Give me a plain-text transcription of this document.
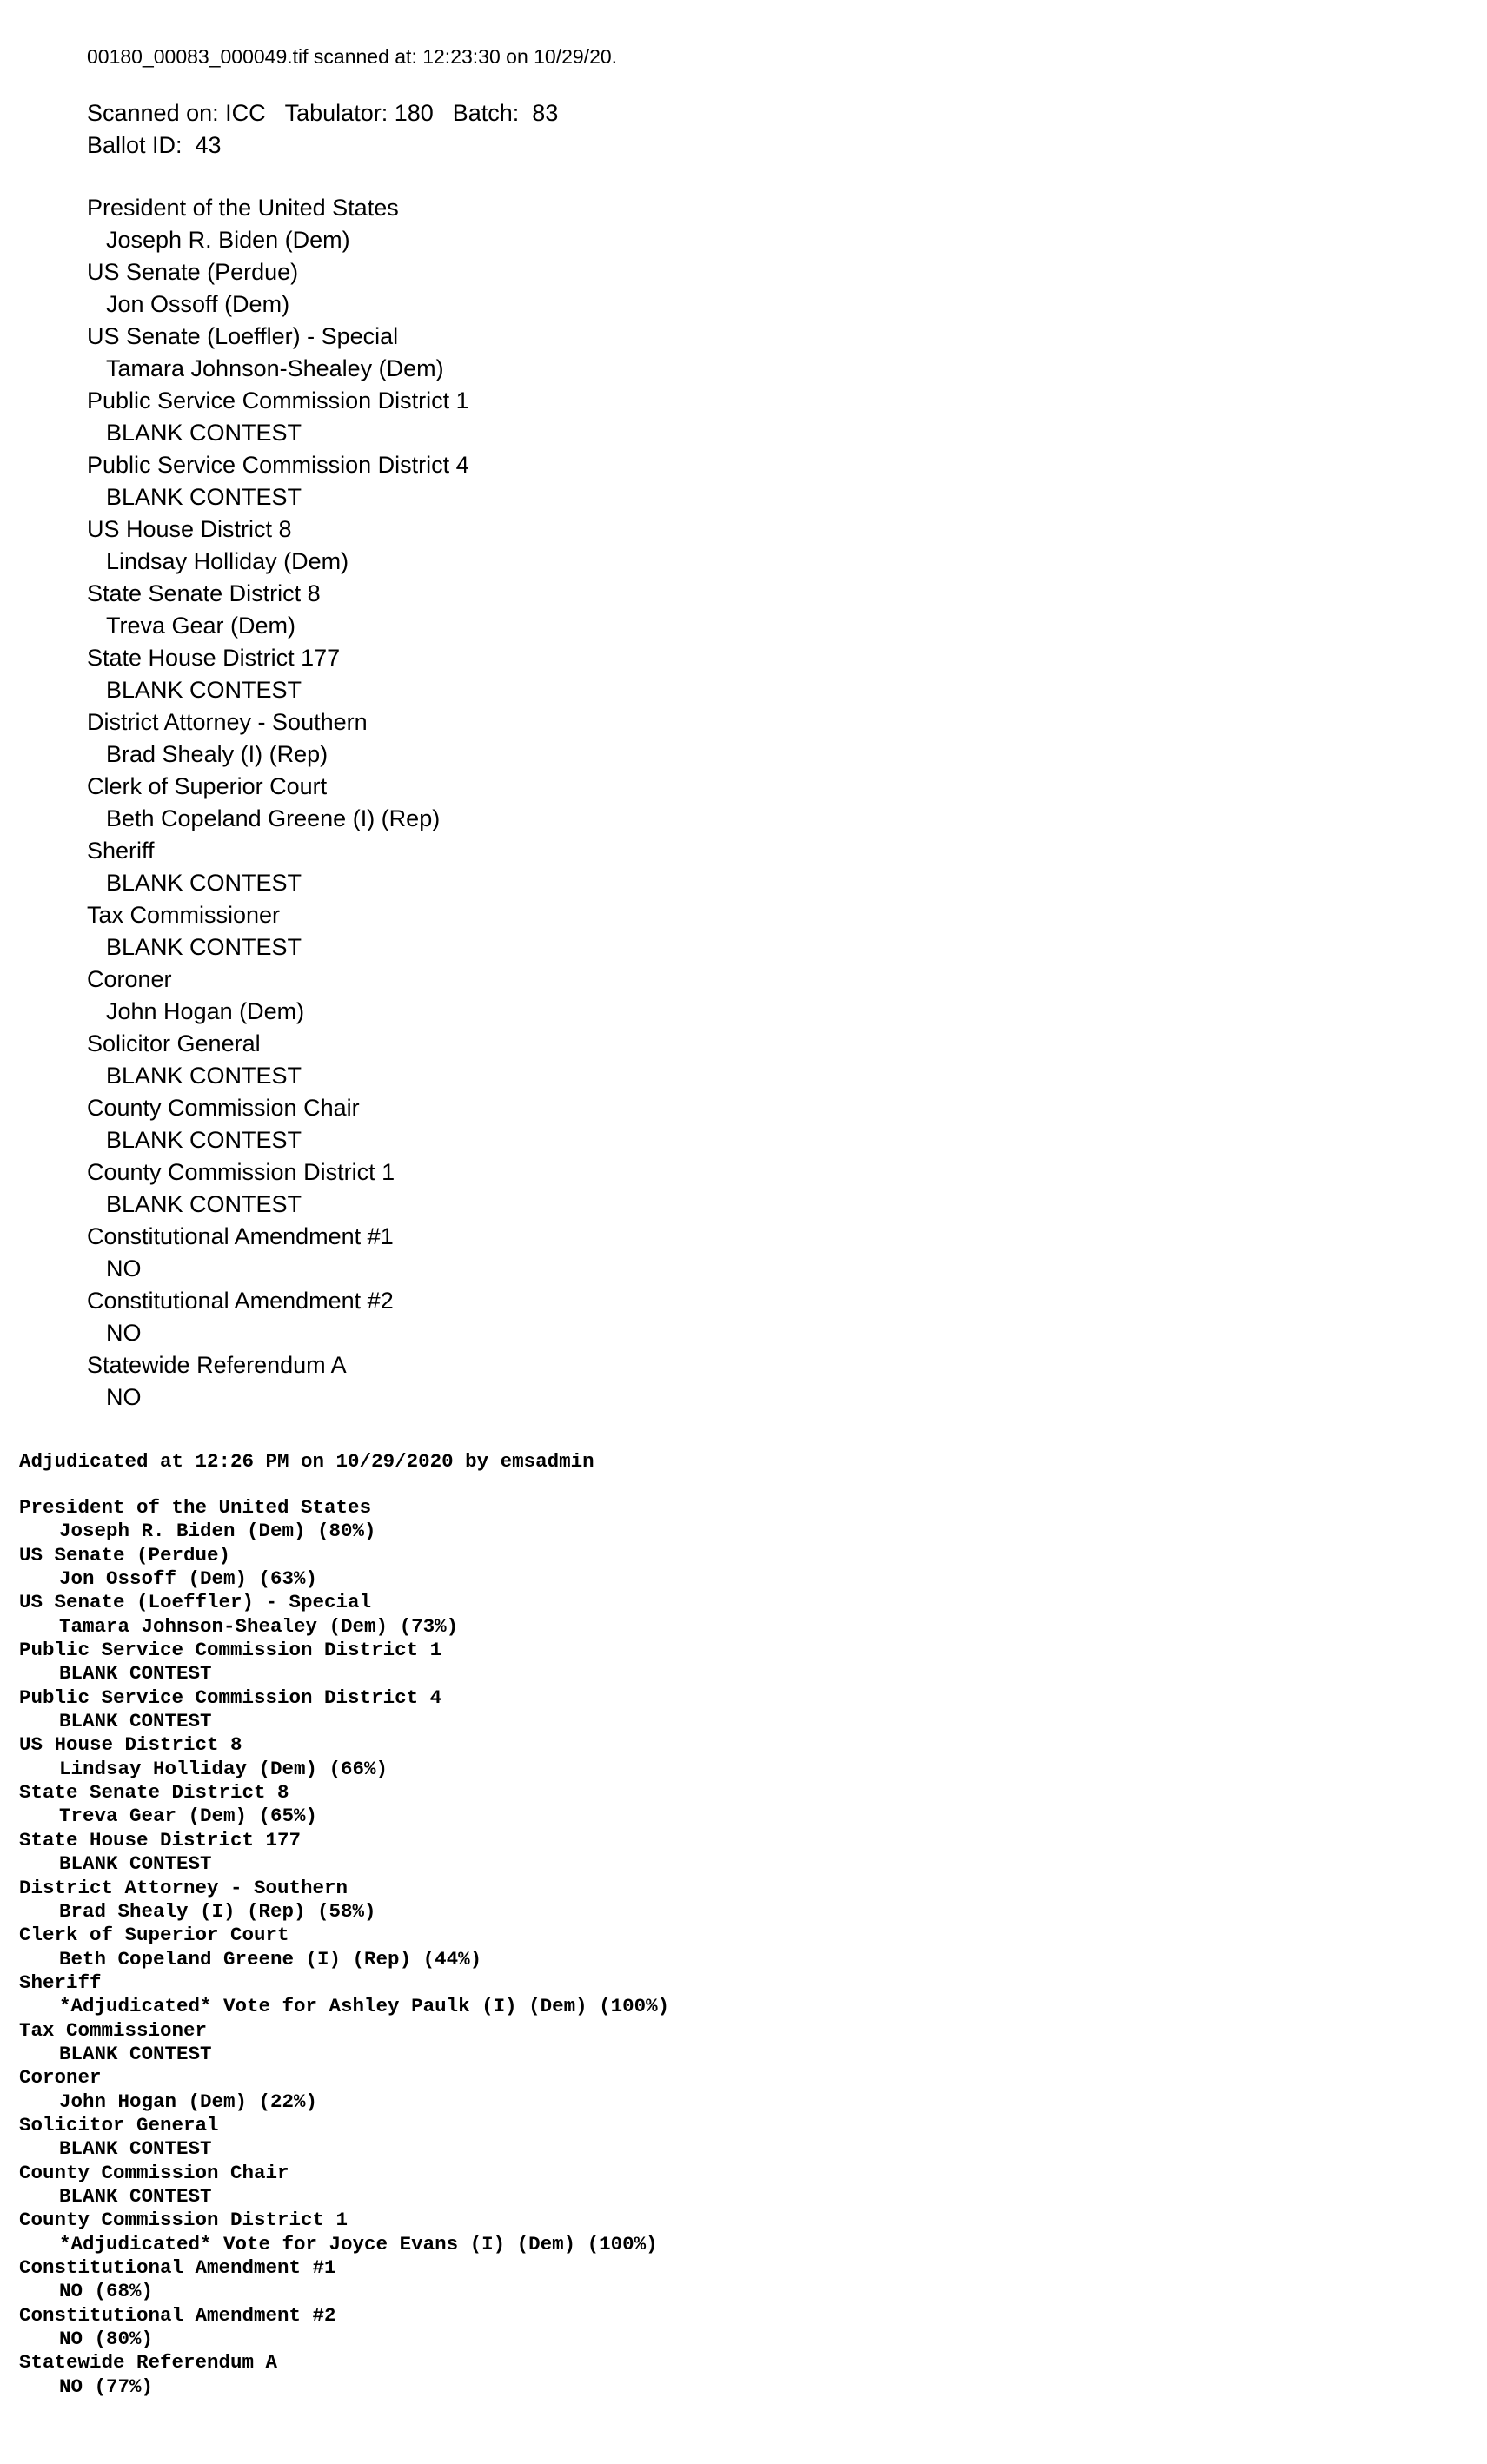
00180_00083_000049.tif scanned at: 12:23:30 on 10/29/20.
Scanned on: ICC Tabulator: 180 Batch:  83
Ballot ID:  43
President of the United States
Joseph R. Biden (Dem)
US Senate (Perdue)
Jon Ossoff (Dem)
US Senate (Loeffler) - Special
Tamara Johnson-Shealey (Dem)
Public Service Commission District 1
BLANK CONTEST
Public Service Commission District 4
BLANK CONTEST
US House District 8
Lindsay Holliday (Dem)
State Senate District 8
Treva Gear (Dem)
State House District 177
BLANK CONTEST
District Attorney - Southern
Brad Shealy (I) (Rep)
Clerk of Superior Court
Beth Copeland Greene (I) (Rep)
Sheriff
BLANK CONTEST
Tax Commissioner
BLANK CONTEST
Coroner
John Hogan (Dem)
Solicitor General
BLANK CONTEST
County Commission Chair
BLANK CONTEST
County Commission District 1
BLANK CONTEST
Constitutional Amendment #1
NO
Constitutional Amendment #2
NO
Statewide Referendum A
NO
Adjudicated at 12:26 PM on 10/29/2020 by emsadmin
President of the United States
Joseph R. Biden (Dem) (80%)
US Senate (Perdue)
Jon Ossoff (Dem) (63%)
US Senate (Loeffler) - Special
Tamara Johnson-Shealey (Dem) (73%)
Public Service Commission District 1
BLANK CONTEST
Public Service Commission District 4
BLANK CONTEST
US House District 8
Lindsay Holliday (Dem) (66%)
State Senate District 8
Treva Gear (Dem) (65%)
State House District 177
BLANK CONTEST
District Attorney - Southern
Brad Shealy (I) (Rep) (58%)
Clerk of Superior Court
Beth Copeland Greene (I) (Rep) (44%)
Sheriff
*Adjudicated* Vote for Ashley Paulk (I) (Dem) (100%)
Tax Commissioner
BLANK CONTEST
Coroner
John Hogan (Dem) (22%)
Solicitor General
BLANK CONTEST
County Commission Chair
BLANK CONTEST
County Commission District 1
*Adjudicated* Vote for Joyce Evans (I) (Dem) (100%)
Constitutional Amendment #1
NO (68%)
Constitutional Amendment #2
NO (80%)
Statewide Referendum A
NO (77%)
